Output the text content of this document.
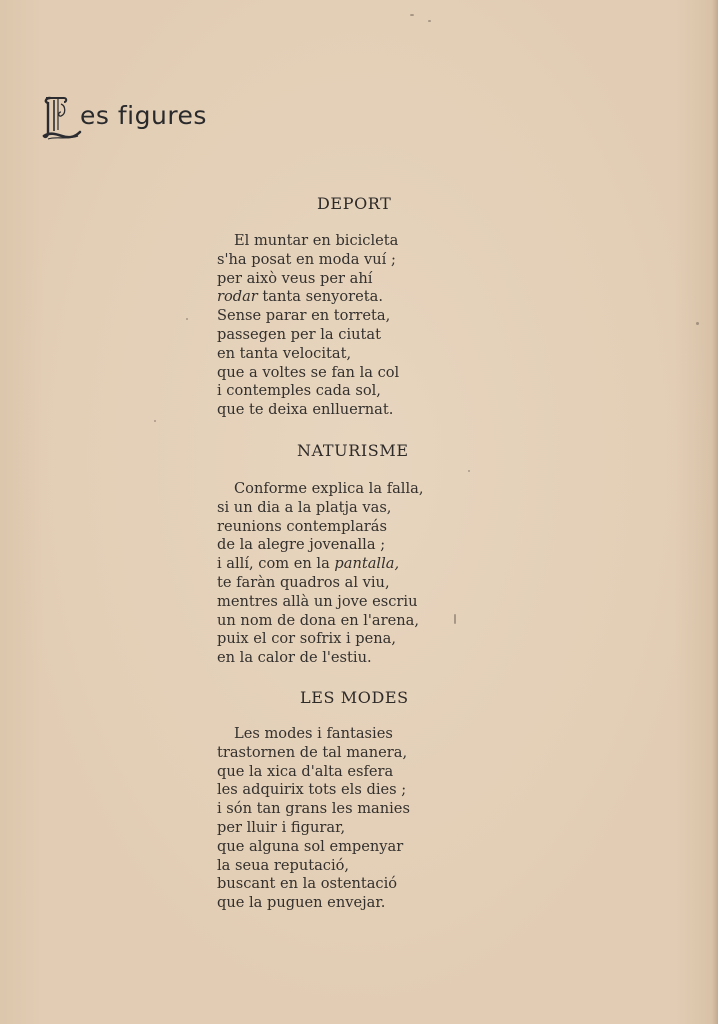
es figures
DEPORT
El muntar en bicicleta
s'ha posat en moda vuí ;
per això veus per ahí
rodar tanta senyoreta.
Sense parar en torreta,
passegen per la ciutat
en tanta velocitat,
que a voltes se fan la col
i contemples cada sol,
que te deixa enlluernat.
NATURISME
Conforme explica la falla,
si un dia a la platja vas,
reunions contemplarás
de la alegre jovenalla ;
i allí, com en la pantalla,
te faràn quadros al viu,
mentres allà un jove escriu
un nom de dona en l'arena,
puix el cor sofrix i pena,
en la calor de l'estiu.
LES MODES
Les modes i fantasies
trastornen de tal manera,
que la xica d'alta esfera
les adquirix tots els dies ;
i són tan grans les manies
per lluir i figurar,
que alguna sol empenyar
la seua reputació,
buscant en la ostentació
que la puguen envejar.
